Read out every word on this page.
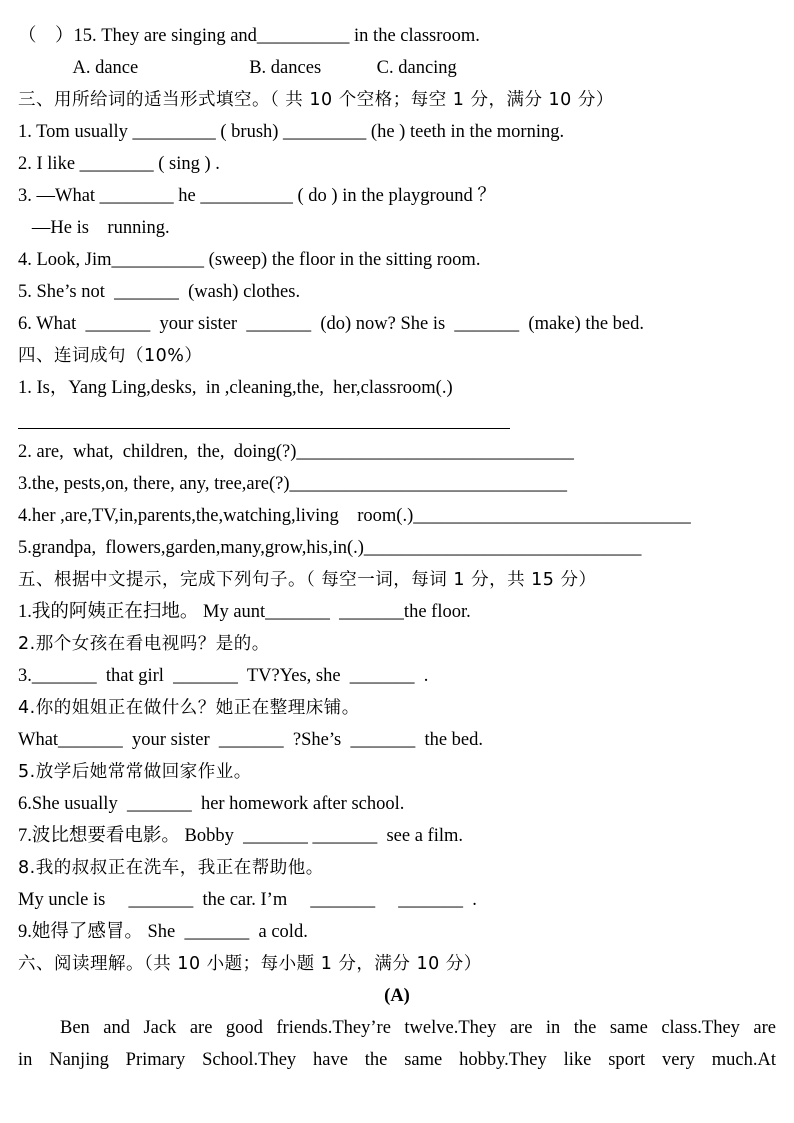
（    ）15. They are singing and__________ in the classroom.
A. dance                        B. dances            C. dancing
三、用所给词的适当形式填空。（ 共 10 个空格；每空 1 分，满分 10 分）
1. Tom usually _________ ( brush) _________ (he ) teeth in the morning.
2. I like ________ ( sing ) .
3. —What ________ he __________ ( do ) in the playground ？
—He is    running.
4. Look, Jim__________ (sweep) the floor in the sitting room.
5. She’s not  _______  (wash) clothes.
6. What  _______  your sister  _______  (do) now? She is  _______  (make) the bed.
四、连词成句（10%）
1. Is，Yang Ling,desks,  in ,cleaning,the,  her,classroom(.)
2. are,  what,  children,  the,  doing(?)______________________________
3.the, pests,on, there, any, tree,are(?)______________________________
4.her ,are,TV,in,parents,the,watching,living    room(.)______________________________
5.grandpa,  flowers,garden,many,grow,his,in(.)______________________________
五、根据中文提示，完成下列句子。（ 每空一词，每词 1 分，共 15 分）
1.我的阿姨正在扫地。 My aunt_______  _______the floor.
2.那个女孩在看电视吗？是的。
3._______  that girl  _______  TV?Yes, she  _______  .
4.你的姐姐正在做什么？她正在整理床铺。
What_______  your sister  _______  ?She’s  _______  the bed.
5.放学后她常常做回家作业。
6.She usually  _______  her homework after school.
7.波比想要看电影。 Bobby  _______ _______  see a film.
8.我的叔叔正在洗车，我正在帮助他。
My uncle is     _______  the car. I’m     _______     _______  .
9.她得了感冒。 She  _______  a cold.
六、阅读理解。（共 10 小题；每小题 1 分，满分 10 分）
(A)
Ben and Jack are good friends.They’re twelve.They are in the same class.They are
in Nanjing Primary School.They have the same hobby.They like sport very much.At
